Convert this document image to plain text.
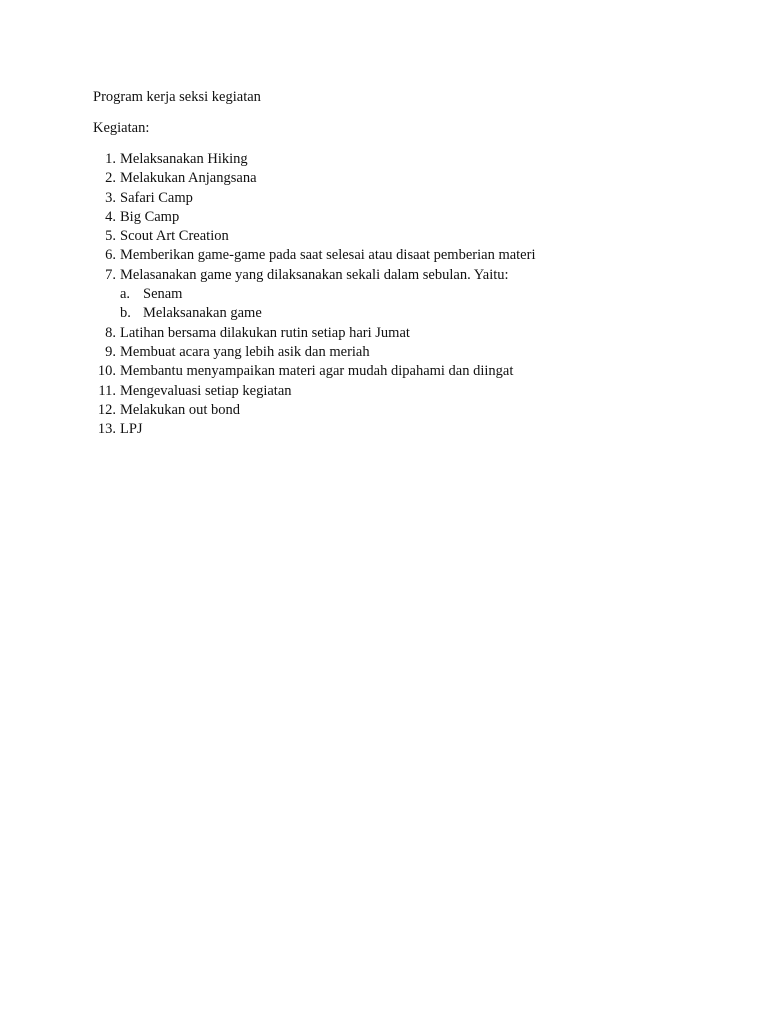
Program kerja seksi kegiatan
Kegiatan:
1. Melaksanakan Hiking
2. Melakukan Anjangsana
3. Safari Camp
4. Big Camp
5. Scout Art Creation
6. Memberikan game-game pada saat selesai atau disaat pemberian materi
7. Melasanakan game yang dilaksanakan sekali dalam sebulan. Yaitu:
a. Senam
b. Melaksanakan game
8. Latihan bersama dilakukan rutin setiap hari Jumat
9. Membuat acara yang lebih asik dan meriah
10. Membantu menyampaikan materi agar mudah dipahami dan diingat
11. Mengevaluasi setiap kegiatan
12. Melakukan out bond
13. LPJ
